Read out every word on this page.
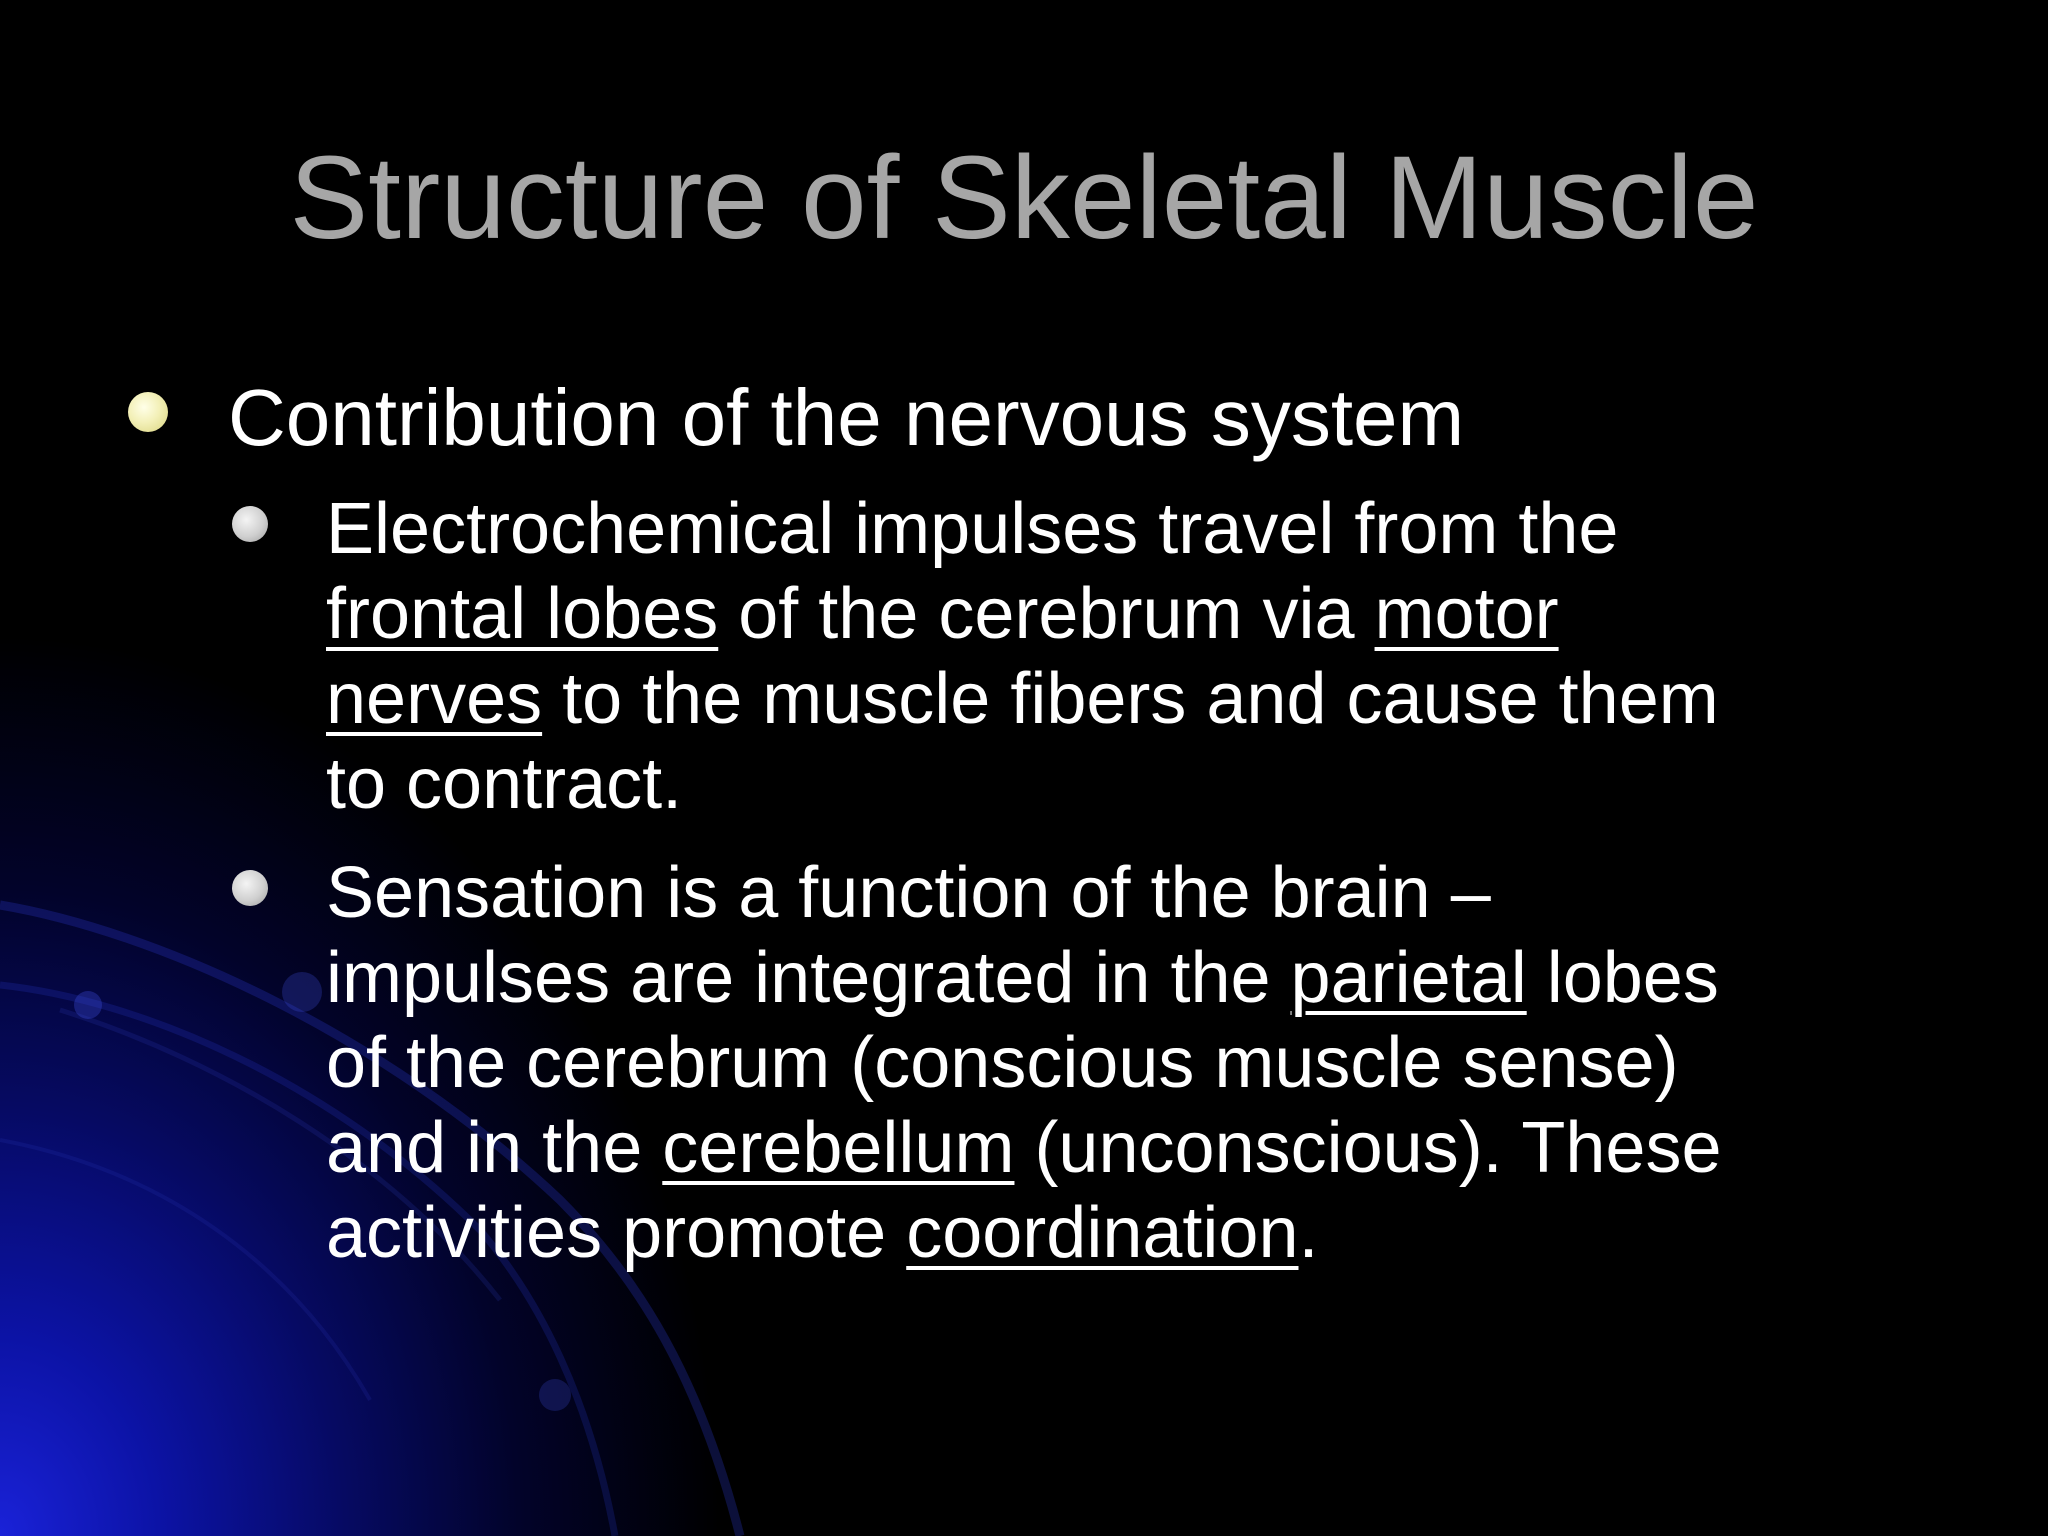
Structure of Skeletal Muscle
Contribution of the nervous system
Electrochemical impulses travel from the
frontal lobes of the cerebrum via motor
nerves to the muscle fibers and cause them
to contract.
Sensation is a function of the brain –
impulses are integrated in the parietal lobes
of the cerebrum (conscious muscle sense)
and in the cerebellum (unconscious). These
activities promote coordination.
